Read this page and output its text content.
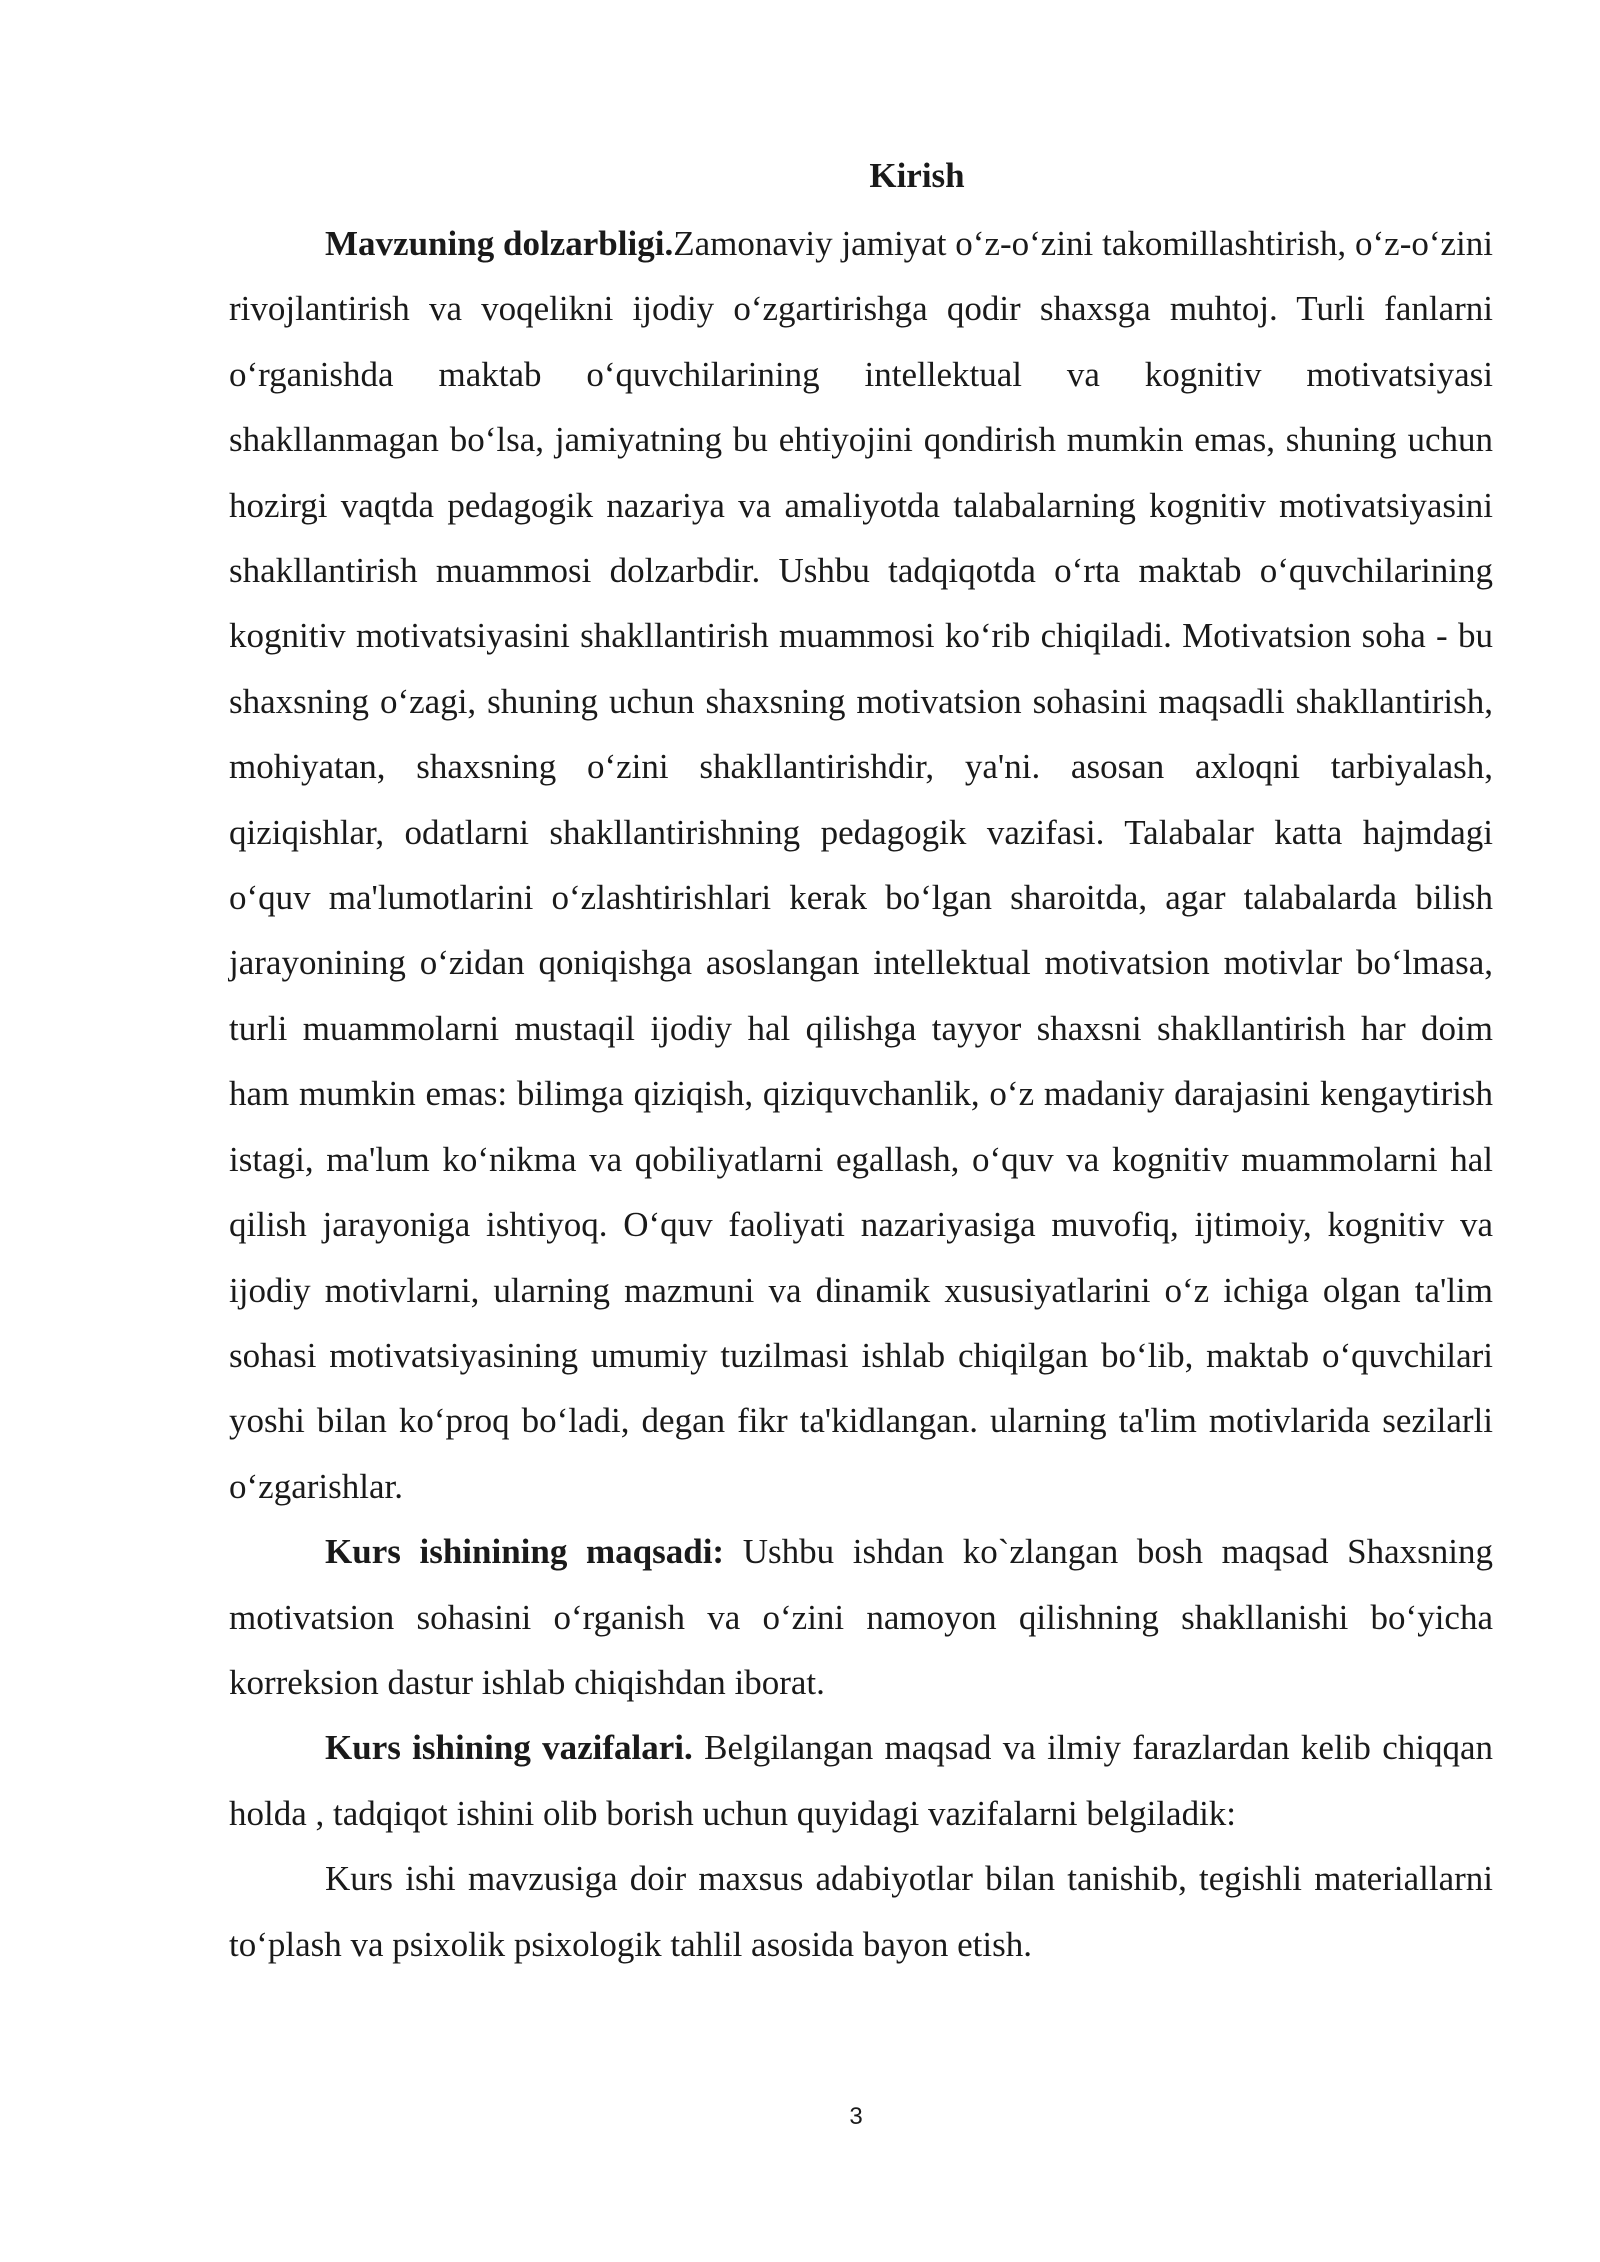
Kirish

Mavzuning dolzarbligi.Zamonaviy jamiyat o‘z-o‘zini takomillashtirish, o‘z-o‘zini rivojlantirish va voqelikni ijodiy o‘zgartirishga qodir shaxsga muhtoj. Turli fanlarni o‘rganishda maktab o‘quvchilarining intellektual va kognitiv motivatsiyasi shakllanmagan bo‘lsa, jamiyatning bu ehtiyojini qondirish mumkin emas, shuning uchun hozirgi vaqtda pedagogik nazariya va amaliyotda talabalarning kognitiv motivatsiyasini shakllantirish muammosi dolzarbdir. Ushbu tadqiqotda o‘rta maktab o‘quvchilarining kognitiv motivatsiyasini shakllantirish muammosi ko‘rib chiqiladi. Motivatsion soha - bu shaxsning o‘zagi, shuning uchun shaxsning motivatsion sohasini maqsadli shakllantirish, mohiyatan, shaxsning o‘zini shakllantirishdir, ya'ni. asosan axloqni tarbiyalash, qiziqishlar, odatlarni shakllantirishning pedagogik vazifasi. Talabalar katta hajmdagi o‘quv ma'lumotlarini o‘zlashtirishlari kerak bo‘lgan sharoitda, agar talabalarda bilish jarayonining o‘zidan qoniqishga asoslangan intellektual motivatsion motivlar bo‘lmasa, turli muammolarni mustaqil ijodiy hal qilishga tayyor shaxsni shakllantirish har doim ham mumkin emas: bilimga qiziqish, qiziquvchanlik, o‘z madaniy darajasini kengaytirish istagi, ma'lum ko‘nikma va qobiliyatlarni egallash, o‘quv va kognitiv muammolarni hal qilish jarayoniga ishtiyoq. O‘quv faoliyati nazariyasiga muvofiq, ijtimoiy, kognitiv va ijodiy motivlarni, ularning mazmuni va dinamik xususiyatlarini o‘z ichiga olgan ta'lim sohasi motivatsiyasining umumiy tuzilmasi ishlab chiqilgan bo‘lib, maktab o‘quvchilari yoshi bilan ko‘proq bo‘ladi, degan fikr ta'kidlangan. ularning ta'lim motivlarida sezilarli o‘zgarishlar.

Kurs ishinining maqsadi: Ushbu ishdan ko`zlangan bosh maqsad Shaxsning motivatsion sohasini o‘rganish va o‘zini namoyon qilishning shakllanishi bo‘yicha korreksion dastur ishlab chiqishdan iborat.

Kurs ishining vazifalari. Belgilangan maqsad va ilmiy farazlardan kelib chiqqan holda , tadqiqot ishini olib borish uchun quyidagi vazifalarni belgiladik:

Kurs ishi mavzusiga doir maxsus adabiyotlar bilan tanishib, tegishli materiallarni to‘plash va psixolik psixologik tahlil asosida bayon etish.

3
